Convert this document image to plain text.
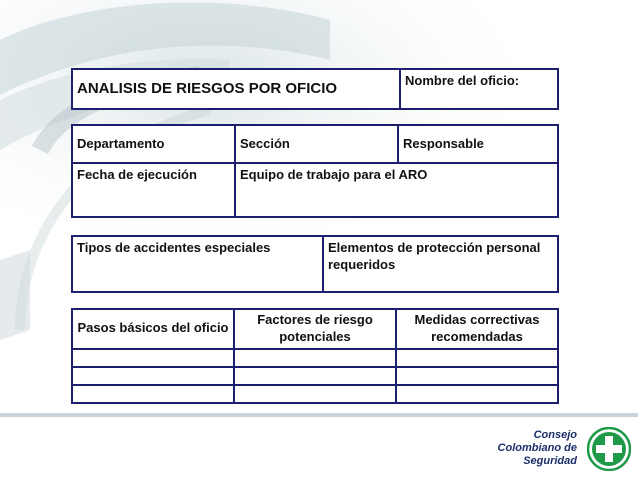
ANALISIS DE RIESGOS POR OFICIO	Nombre del oficio:
Departamento	Sección	Responsable
Fecha de ejecución	Equipo de trabajo para el ARO	
Tipos de accidentes especiales	Elementos de protección personal requeridos
Pasos básicos del oficio	Factores de riesgo potenciales	Medidas correctivas recomendadas

Consejo
Colombiano de
Seguridad
